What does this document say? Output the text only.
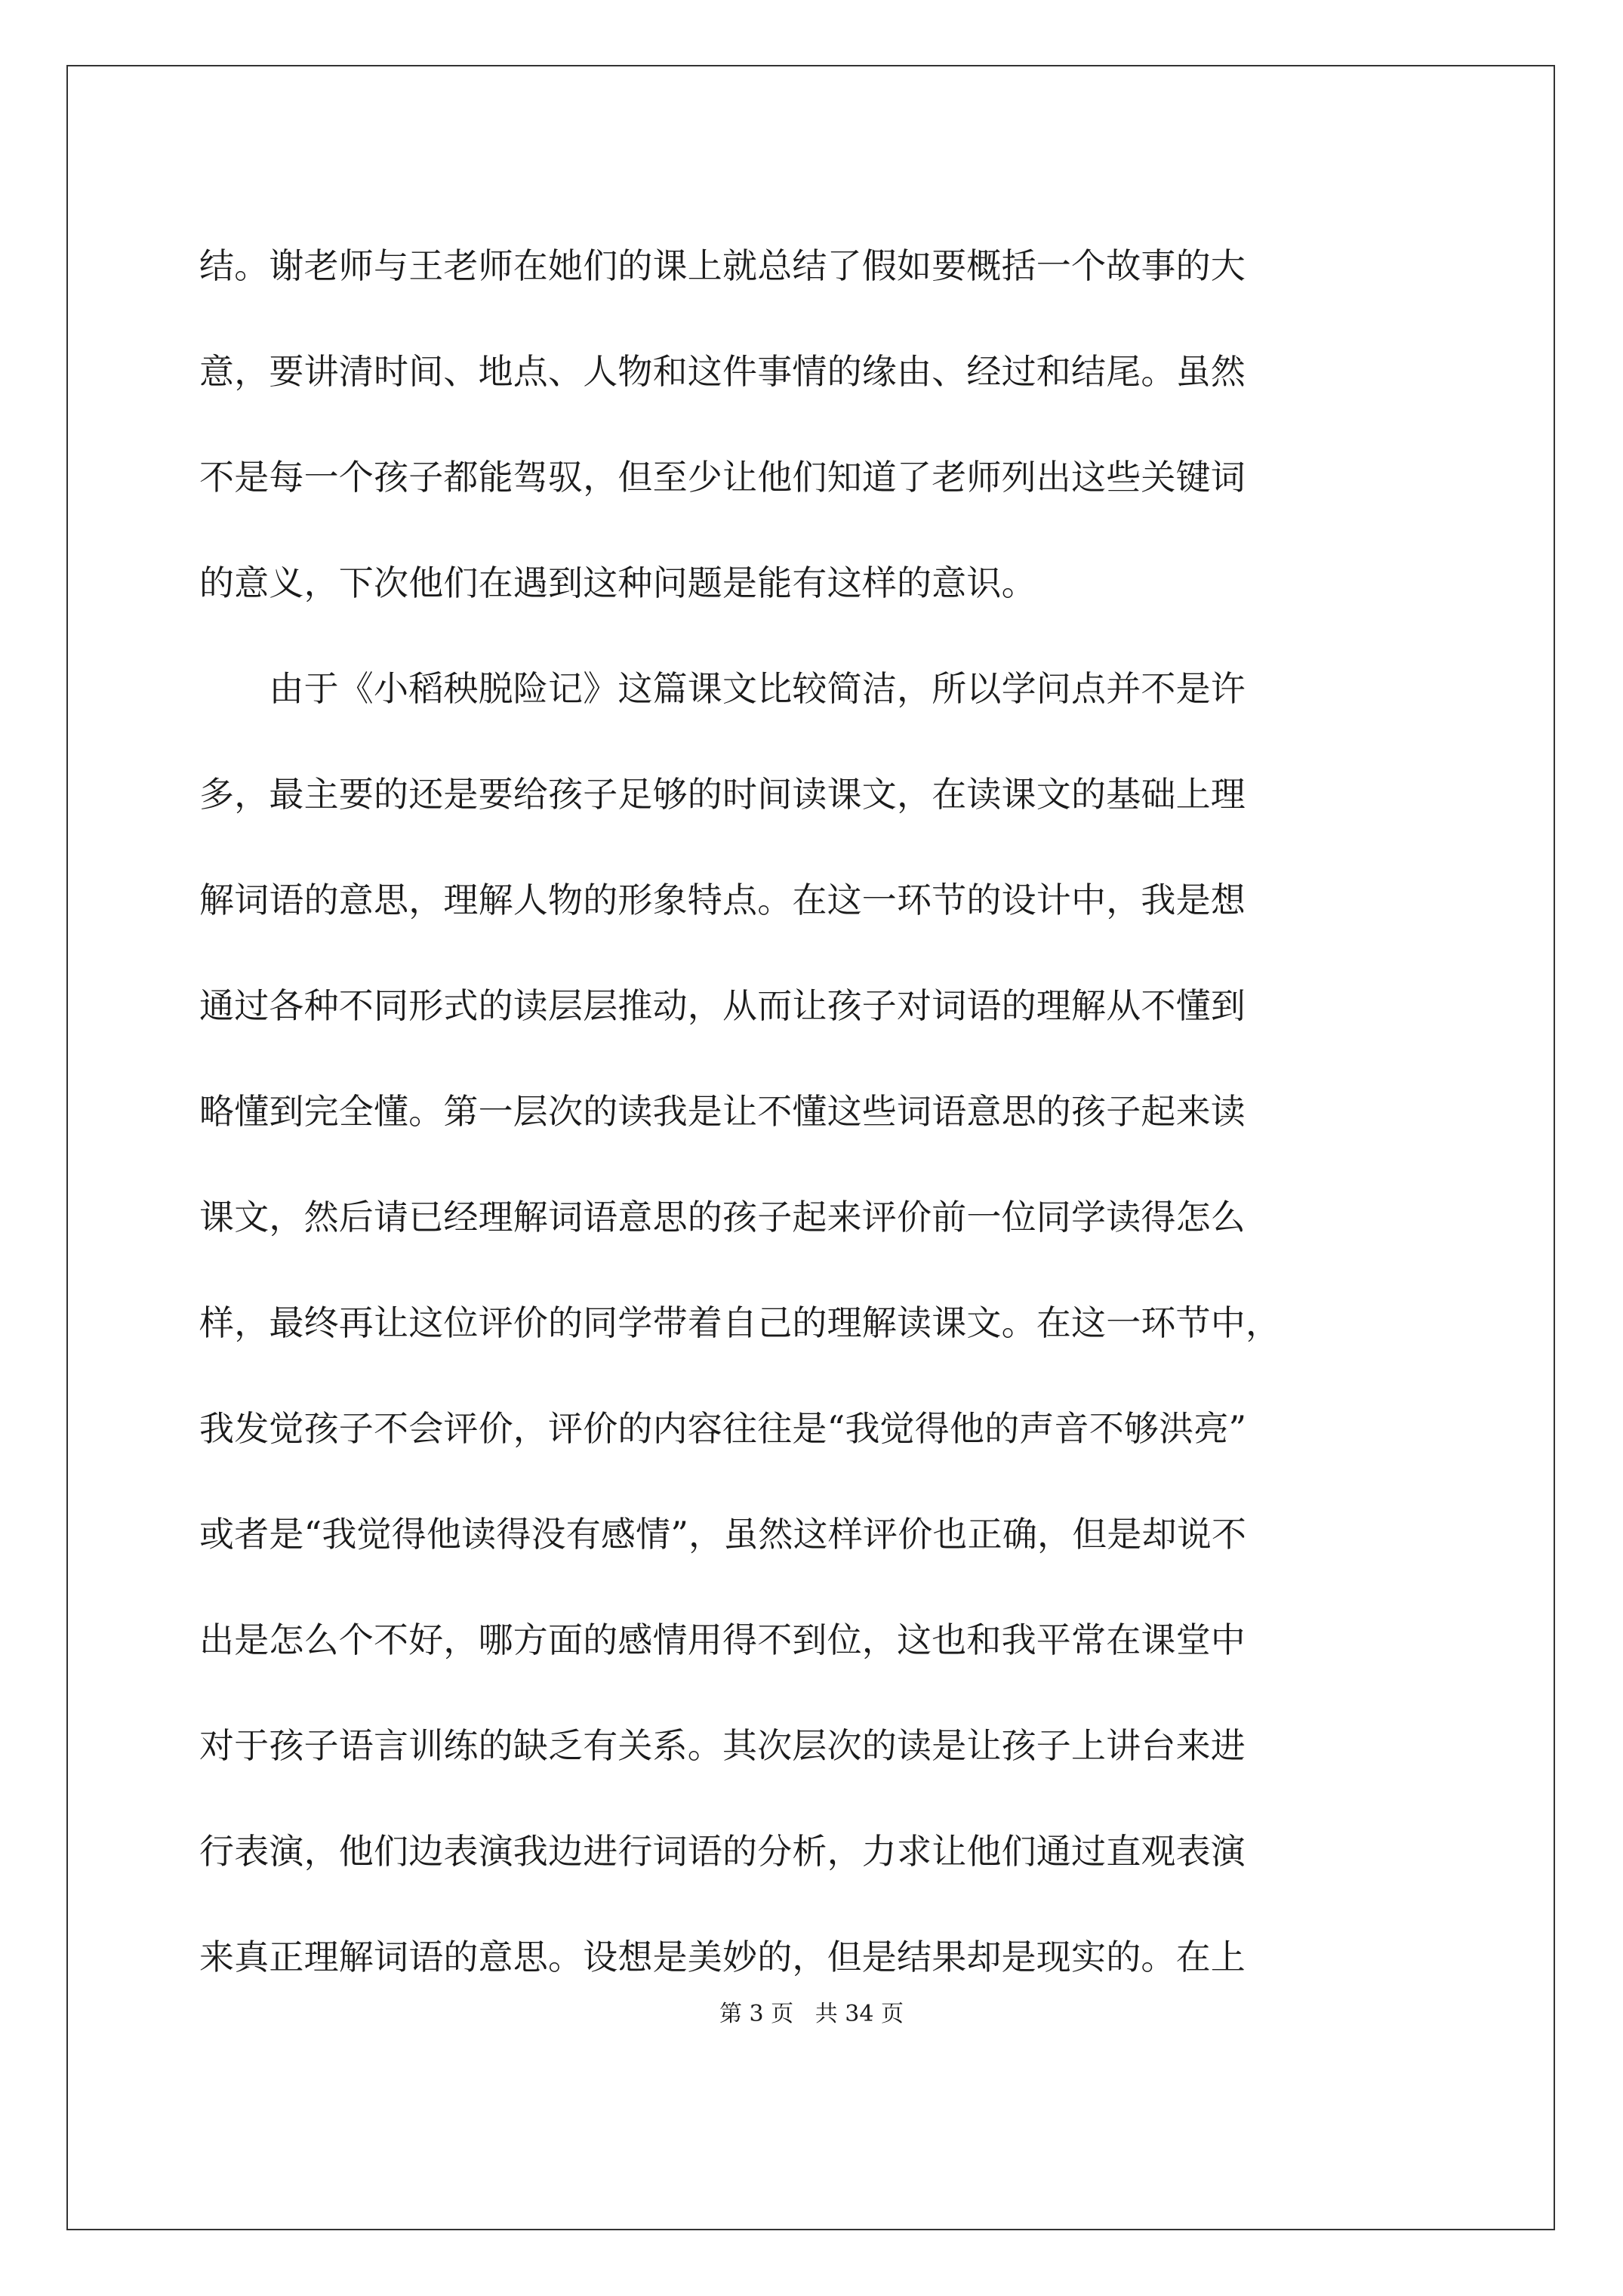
结。谢老师与王老师在她们的课上就总结了假如要概括一个故事的大
意，要讲清时间、地点、人物和这件事情的缘由、经过和结尾。虽然
不是每一个孩子都能驾驭，但至少让他们知道了老师列出这些关键词
的意义，下次他们在遇到这种问题是能有这样的意识。
　　由于《小稻秧脱险记》这篇课文比较简洁，所以学问点并不是许
多，最主要的还是要给孩子足够的时间读课文，在读课文的基础上理
解词语的意思，理解人物的形象特点。在这一环节的设计中，我是想
通过各种不同形式的读层层推动，从而让孩子对词语的理解从不懂到
略懂到完全懂。第一层次的读我是让不懂这些词语意思的孩子起来读
课文，然后请已经理解词语意思的孩子起来评价前一位同学读得怎么
样，最终再让这位评价的同学带着自己的理解读课文。在这一环节中，
我发觉孩子不会评价，评价的内容往往是“我觉得他的声音不够洪亮”
或者是“我觉得他读得没有感情”，虽然这样评价也正确，但是却说不
出是怎么个不好，哪方面的感情用得不到位，这也和我平常在课堂中
对于孩子语言训练的缺乏有关系。其次层次的读是让孩子上讲台来进
行表演，他们边表演我边进行词语的分析，力求让他们通过直观表演
来真正理解词语的意思。设想是美妙的，但是结果却是现实的。在上
第 3 页   共 34 页
